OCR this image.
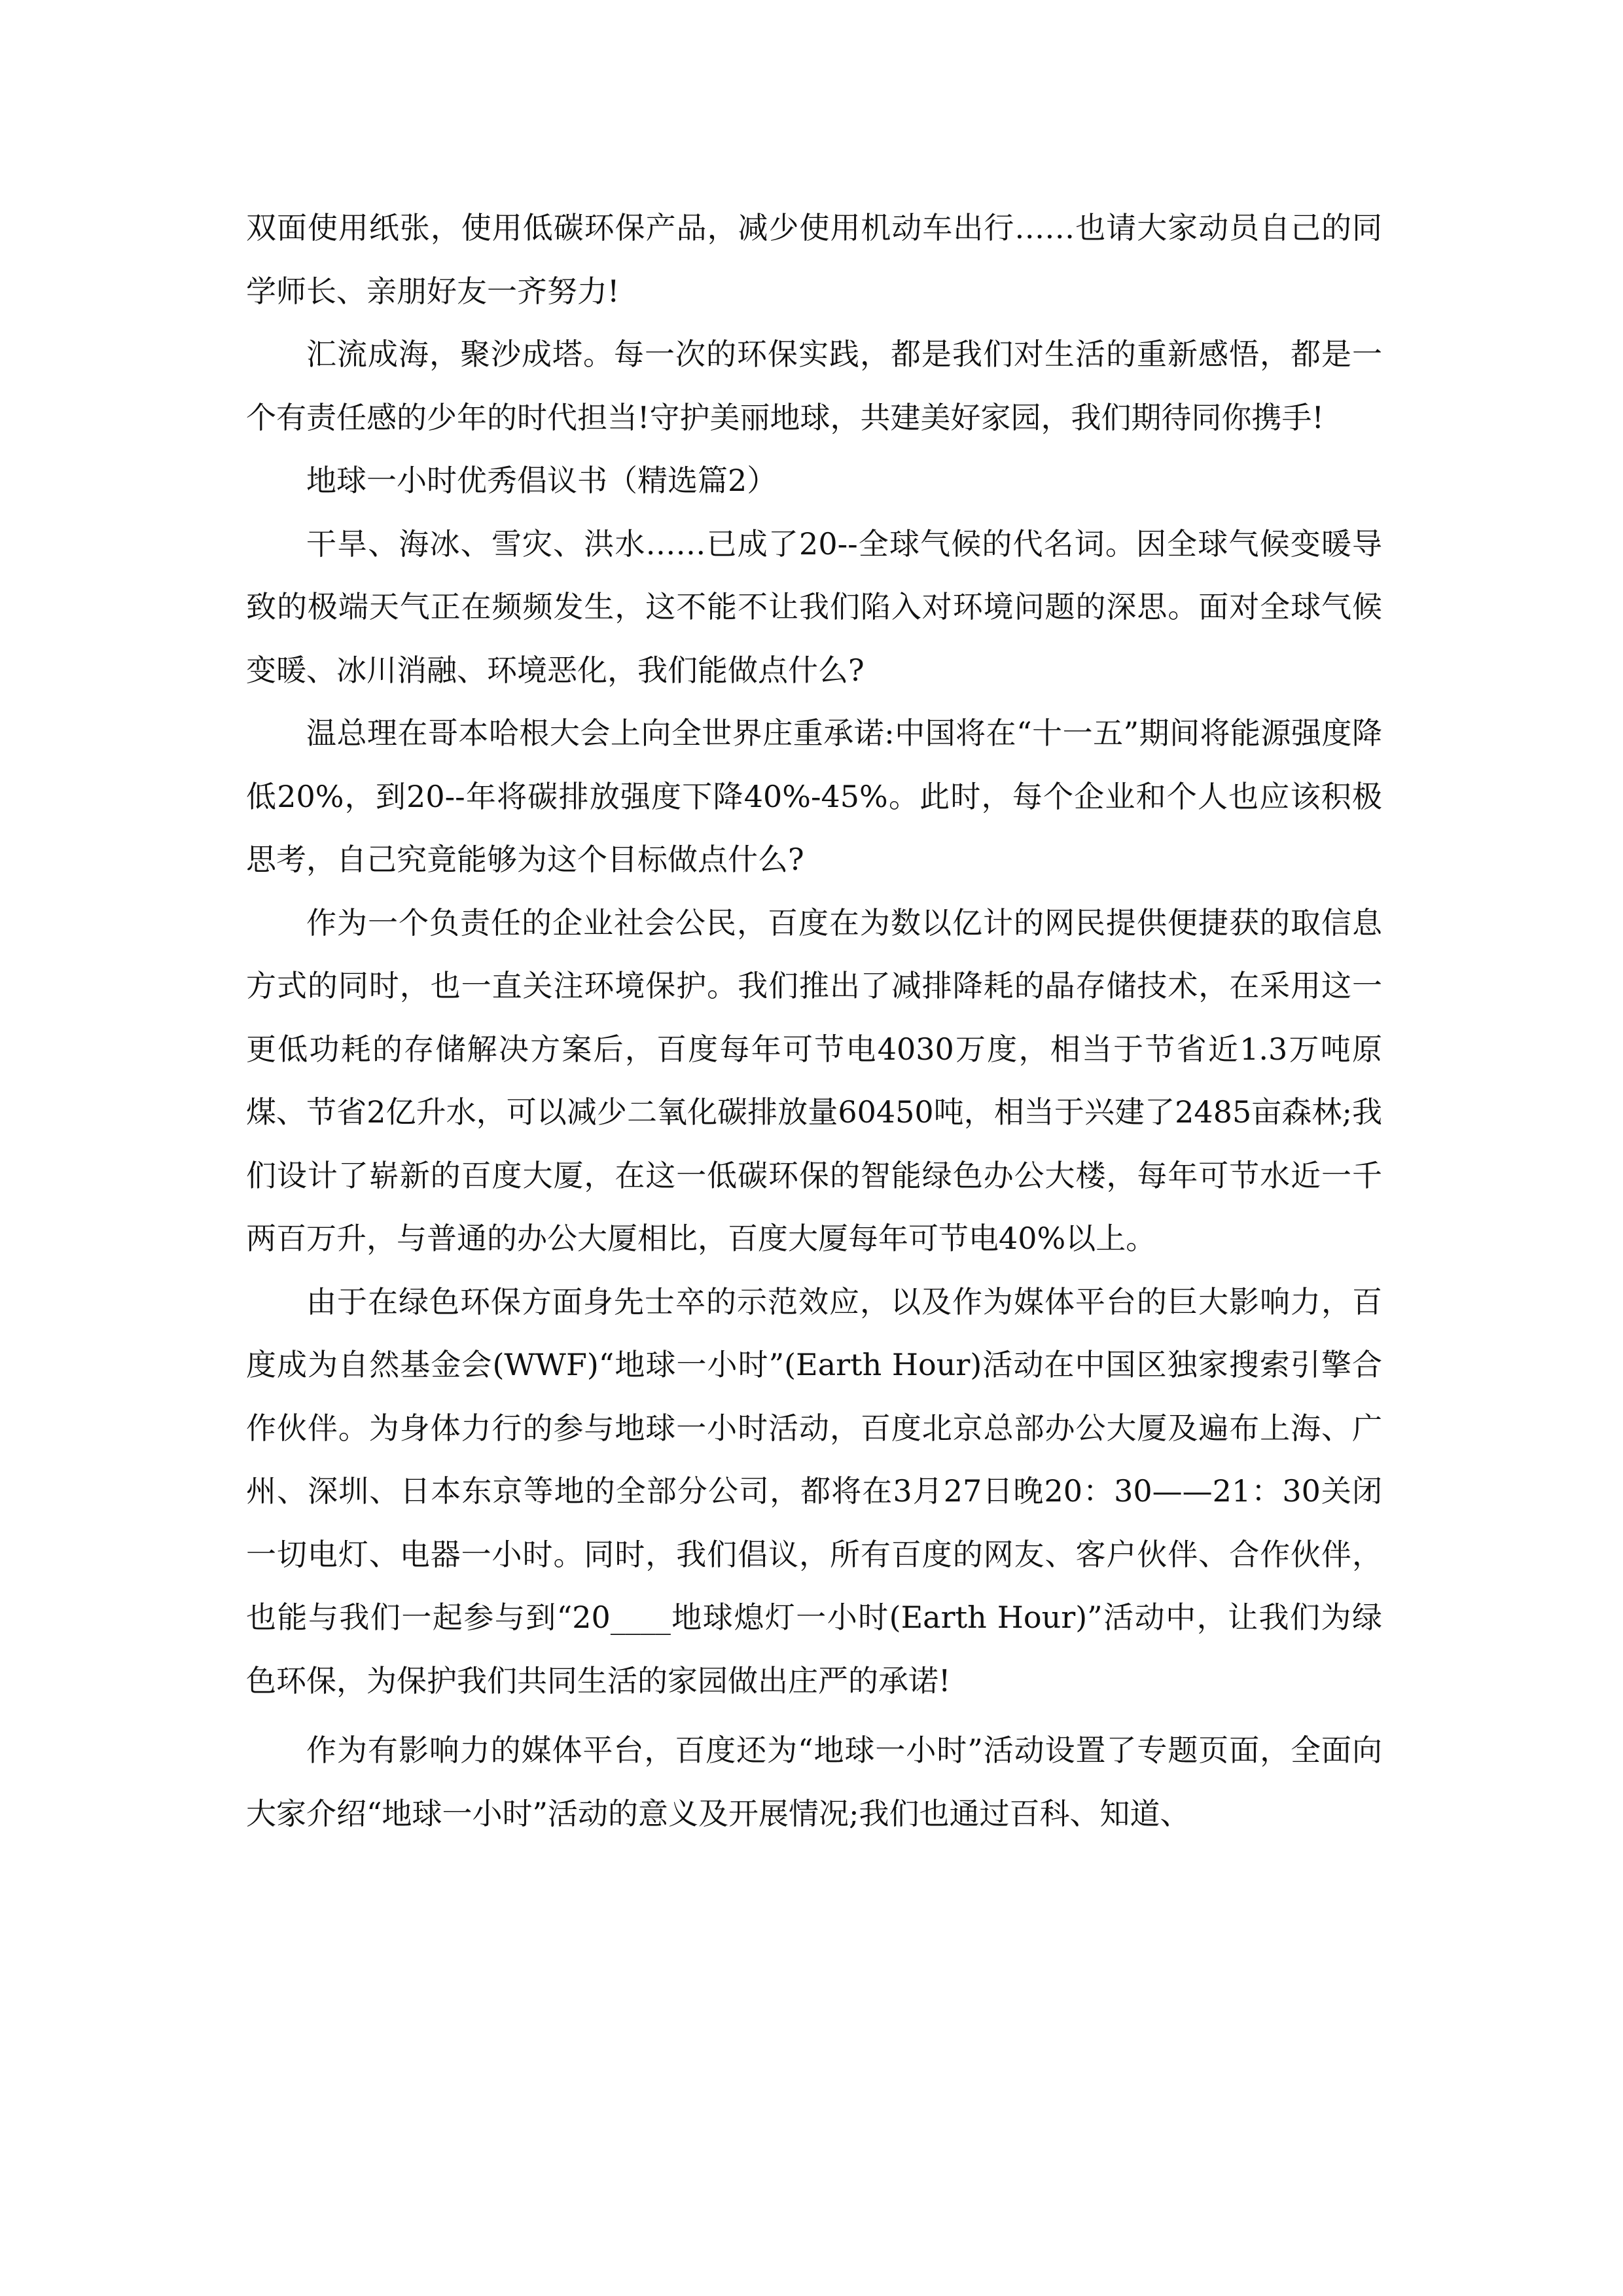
双面使用纸张，使用低碳环保产品，减少使用机动车出行……也请大家动员自己的同学师长、亲朋好友一齐努力!

汇流成海，聚沙成塔。每一次的环保实践，都是我们对生活的重新感悟，都是一个有责任感的少年的时代担当!守护美丽地球，共建美好家园，我们期待同你携手!

地球一小时优秀倡议书（精选篇2）

干旱、海冰、雪灾、洪水……已成了20--全球气候的代名词。因全球气候变暖导致的极端天气正在频频发生，这不能不让我们陷入对环境问题的深思。面对全球气候变暖、冰川消融、环境恶化，我们能做点什么?

温总理在哥本哈根大会上向全世界庄重承诺:中国将在“十一五”期间将能源强度降低20%，到20--年将碳排放强度下降40%-45%。此时，每个企业和个人也应该积极思考，自己究竟能够为这个目标做点什么?

作为一个负责任的企业社会公民，百度在为数以亿计的网民提供便捷获的取信息方式的同时，也一直关注环境保护。我们推出了减排降耗的晶存储技术，在采用这一更低功耗的存储解决方案后，百度每年可节电4030万度，相当于节省近1.3万吨原煤、节省2亿升水，可以减少二氧化碳排放量60450吨，相当于兴建了2485亩森林;我们设计了崭新的百度大厦，在这一低碳环保的智能绿色办公大楼，每年可节水近一千两百万升，与普通的办公大厦相比，百度大厦每年可节电40%以上。

由于在绿色环保方面身先士卒的示范效应，以及作为媒体平台的巨大影响力，百度成为自然基金会(WWF)“地球一小时”(Earth Hour)活动在中国区独家搜索引擎合作伙伴。为身体力行的参与地球一小时活动，百度北京总部办公大厦及遍布上海、广州、深圳、日本东京等地的全部分公司，都将在3月27日晚20：30——21：30关闭一切电灯、电器一小时。同时，我们倡议，所有百度的网友、客户伙伴、合作伙伴，也能与我们一起参与到“20____地球熄灯一小时(Earth Hour)”活动中，让我们为绿色环保，为保护我们共同生活的家园做出庄严的承诺!

作为有影响力的媒体平台，百度还为“地球一小时”活动设置了专题页面，全面向大家介绍“地球一小时”活动的意义及开展情况;我们也通过百科、知道、
